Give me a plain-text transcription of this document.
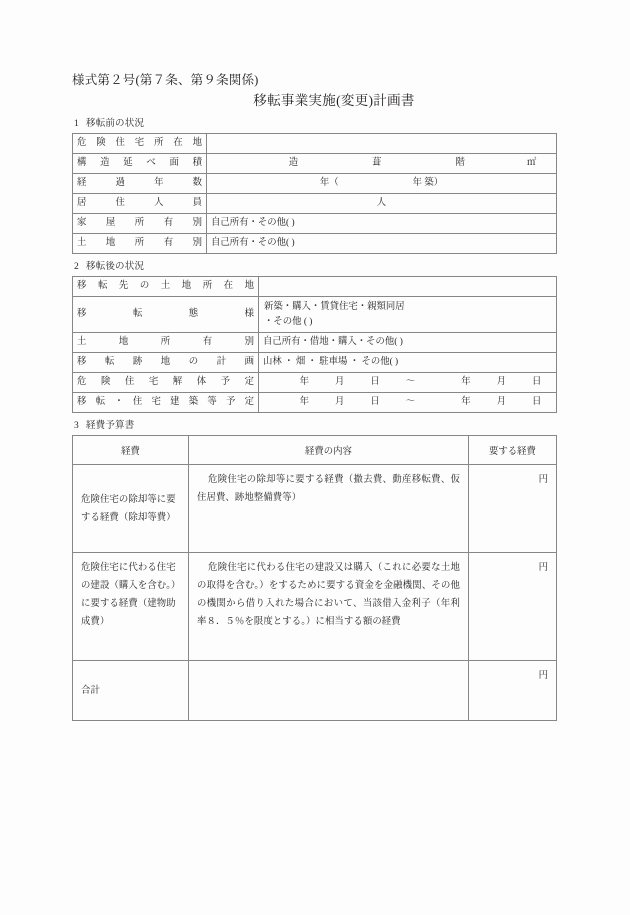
様式第２号(第７条、第９条関係)
移転事業実施(変更)計画書
1 移転前の状況
危険住宅所在地	
構造延べ面積	造 葺 階 ㎡
経過年数	年（ 年 築）
居住人員	人
家屋所有別	自己所有・その他( )
土地所有別	自己所有・その他( )
2 移転後の状況
移転先の土地所在地	
移転態様	新築・購入・賃貸住宅・親類同居
・その他 ( )

土地所有別	自己所有・借地・購入・その他( )
移転跡地の計画	山林 ・ 畑 ・ 駐車場 ・ その他( )
危険住宅解体予定	年 月 日 ～ 年 月 日
移転・住宅建築等予定	年 月 日 ～ 年 月 日
3 経費予算書
経費	経費の内容	要する経費
危険住宅の除却等に要する経費（除却等費）	危険住宅の除却等に要する経費（撤去費、動産移転費、仮住居費、跡地整備費等）	円
危険住宅に代わる住宅の建設（購入を含む。）に要する経費（建物助成費）	危険住宅に代わる住宅の建設又は購入（これに必要な土地の取得を含む。）をするために要する資金を金融機関、その他の機関から借り入れた場合において、当該借入金利子（年利率８．５％を限度とする。）に相当する額の経費	円
合計		円
